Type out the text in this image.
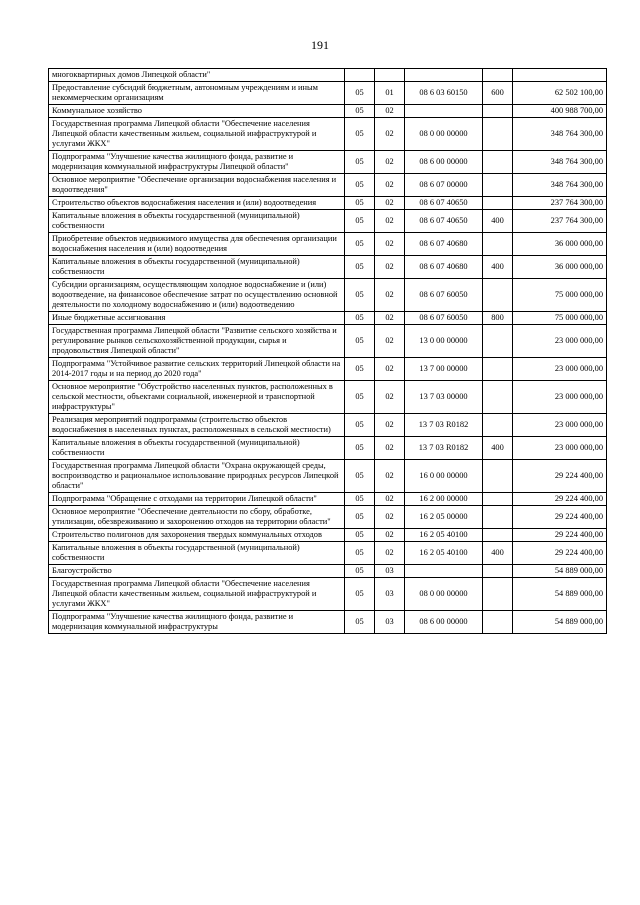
191
многоквартирных домов Липецкой области"					
Предоставление субсидий бюджетным, автономным учреждениям и иным некоммерческим организациям	05	01	08 6 03 60150	600	62 502 100,00
Коммунальное хозяйство	05	02			400 988 700,00
Государственная программа Липецкой области "Обеспечение населения Липецкой области качественным жильем, социальной инфраструктурой и услугами ЖКХ"	05	02	08 0 00 00000		348 764 300,00
Подпрограмма "Улучшение качества жилищного фонда, развитие и модернизация коммунальной инфраструктуры Липецкой области"	05	02	08 6 00 00000		348 764 300,00
Основное мероприятие "Обеспечение организации водоснабжения населения и водоотведения"	05	02	08 6 07 00000		348 764 300,00
Строительство объектов водоснабжения населения и (или) водоотведения	05	02	08 6 07 40650		237 764 300,00
Капитальные вложения в объекты государственной (муниципальной) собственности	05	02	08 6 07 40650	400	237 764 300,00
Приобретение объектов недвижимого имущества для обеспечения организации водоснабжения населения и (или) водоотведения	05	02	08 6 07 40680		36 000 000,00
Капитальные вложения в объекты государственной (муниципальной) собственности	05	02	08 6 07 40680	400	36 000 000,00
Субсидии организациям, осуществляющим холодное водоснабжение и (или) водоотведение, на финансовое обеспечение затрат по осуществлению основной деятельности по холодному водоснабжению и (или) водоотведению	05	02	08 6 07 60050		75 000 000,00
Иные бюджетные ассигнования	05	02	08 6 07 60050	800	75 000 000,00
Государственная программа Липецкой области "Развитие сельского хозяйства и регулирование рынков сельскохозяйственной продукции, сырья и продовольствия Липецкой области"	05	02	13 0 00 00000		23 000 000,00
Подпрограмма "Устойчивое развитие сельских территорий Липецкой области на 2014-2017 годы и на период до 2020 года"	05	02	13 7 00 00000		23 000 000,00
Основное мероприятие "Обустройство населенных пунктов, расположенных в сельской местности, объектами социальной, инженерной и транспортной инфраструктуры"	05	02	13 7 03 00000		23 000 000,00
Реализация мероприятий подпрограммы (строительство объектов водоснабжения в населенных пунктах, расположенных в сельской местности)	05	02	13 7 03 R0182		23 000 000,00
Капитальные вложения в объекты государственной (муниципальной) собственности	05	02	13 7 03 R0182	400	23 000 000,00
Государственная программа Липецкой области "Охрана окружающей среды, воспроизводство и рациональное использование природных ресурсов Липецкой области"	05	02	16 0 00 00000		29 224 400,00
Подпрограмма "Обращение с отходами на территории Липецкой области"	05	02	16 2 00 00000		29 224 400,00
Основное мероприятие "Обеспечение деятельности по сбору, обработке, утилизации, обезвреживанию и захоронению отходов на территории области"	05	02	16 2 05 00000		29 224 400,00
Строительство полигонов для захоронения твердых коммунальных отходов	05	02	16 2 05 40100		29 224 400,00
Капитальные вложения в объекты государственной (муниципальной) собственности	05	02	16 2 05 40100	400	29 224 400,00
Благоустройство	05	03			54 889 000,00
Государственная программа Липецкой области "Обеспечение населения Липецкой области качественным жильем, социальной инфраструктурой и услугами ЖКХ"	05	03	08 0 00 00000		54 889 000,00
Подпрограмма "Улучшение качества жилищного фонда, развитие и модернизация коммунальной инфраструктуры	05	03	08 6 00 00000		54 889 000,00
